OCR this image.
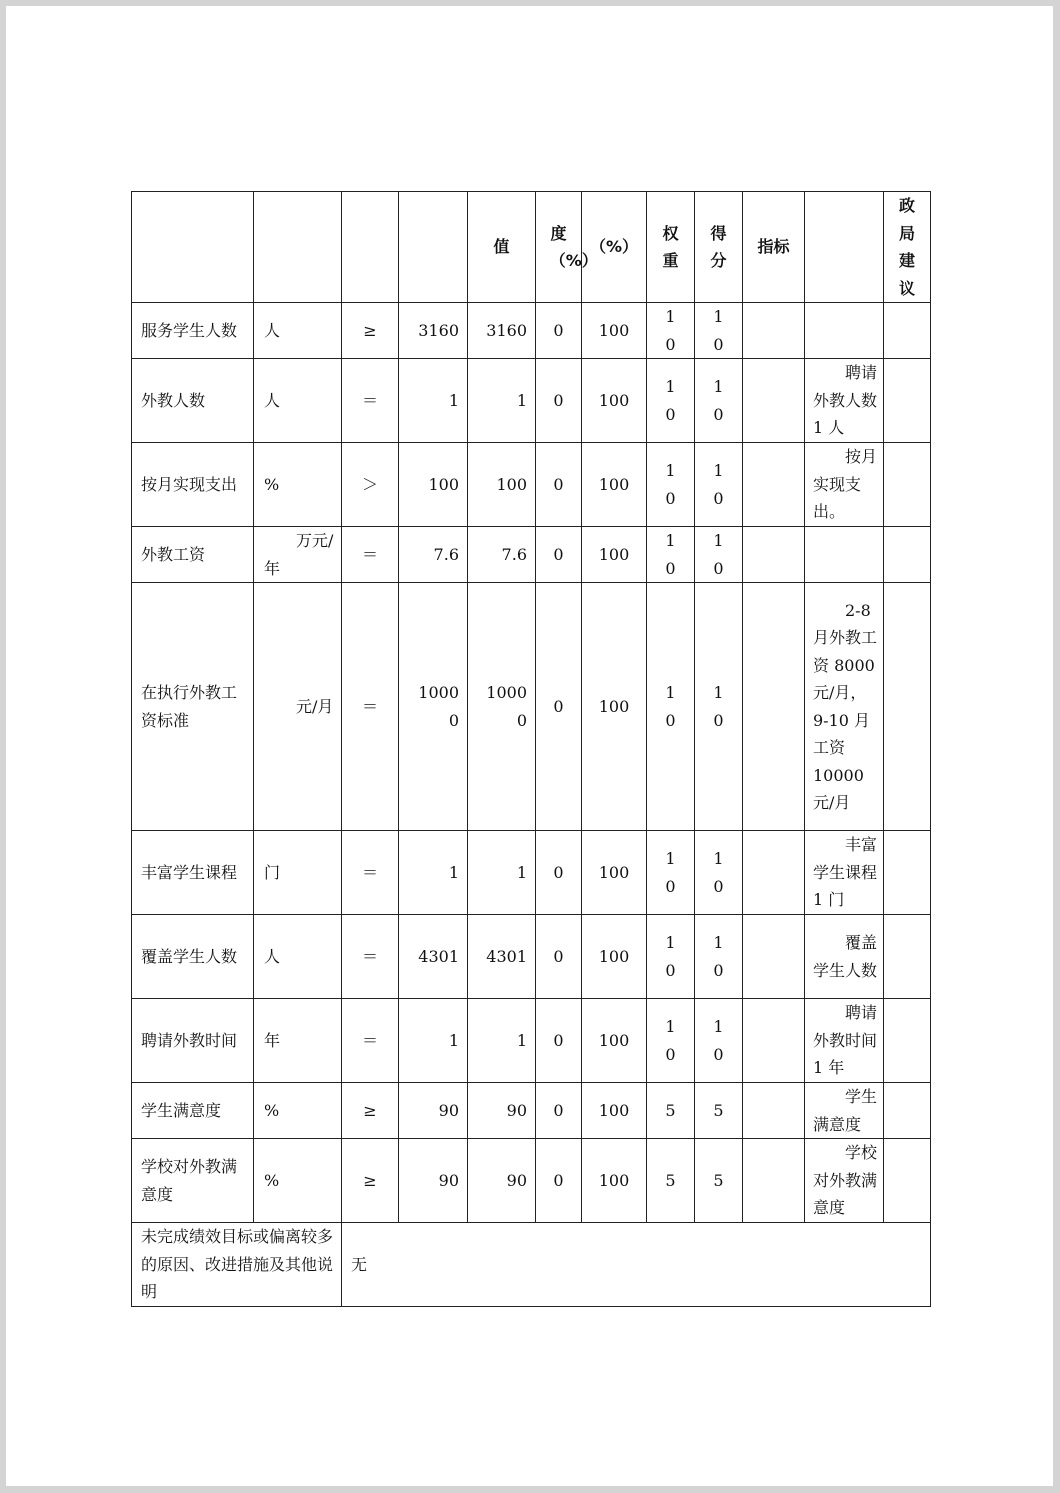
				值	度（%）	（%）	权重	得分	指标		政局建议
服务学生人数	人	≥	3160	3160	0	100	10	10			
外教人数	人	＝	1	1	0	100	10	10		聘请外教人数 1 人	
按月实现支出	%	＞	100	100	0	100	10	10		按月实现支出。	
外教工资	万元/年	＝	7.6	7.6	0	100	10	10			
在执行外教工资标准	元/月	＝	10000	10000	0	100	10	10		2-8 月外教工资 8000 元/月，9-10 月工资 10000 元/月	
丰富学生课程	门	＝	1	1	0	100	10	10		丰富学生课程 1 门	
覆盖学生人数	人	＝	4301	4301	0	100	10	10		覆盖学生人数	
聘请外教时间	年	＝	1	1	0	100	10	10		聘请外教时间 1 年	
学生满意度	%	≥	90	90	0	100	5	5		学生满意度	
学校对外教满意度	%	≥	90	90	0	100	5	5		学校对外教满意度	
未完成绩效目标或偏离较多的原因、改进措施及其他说明		无									
